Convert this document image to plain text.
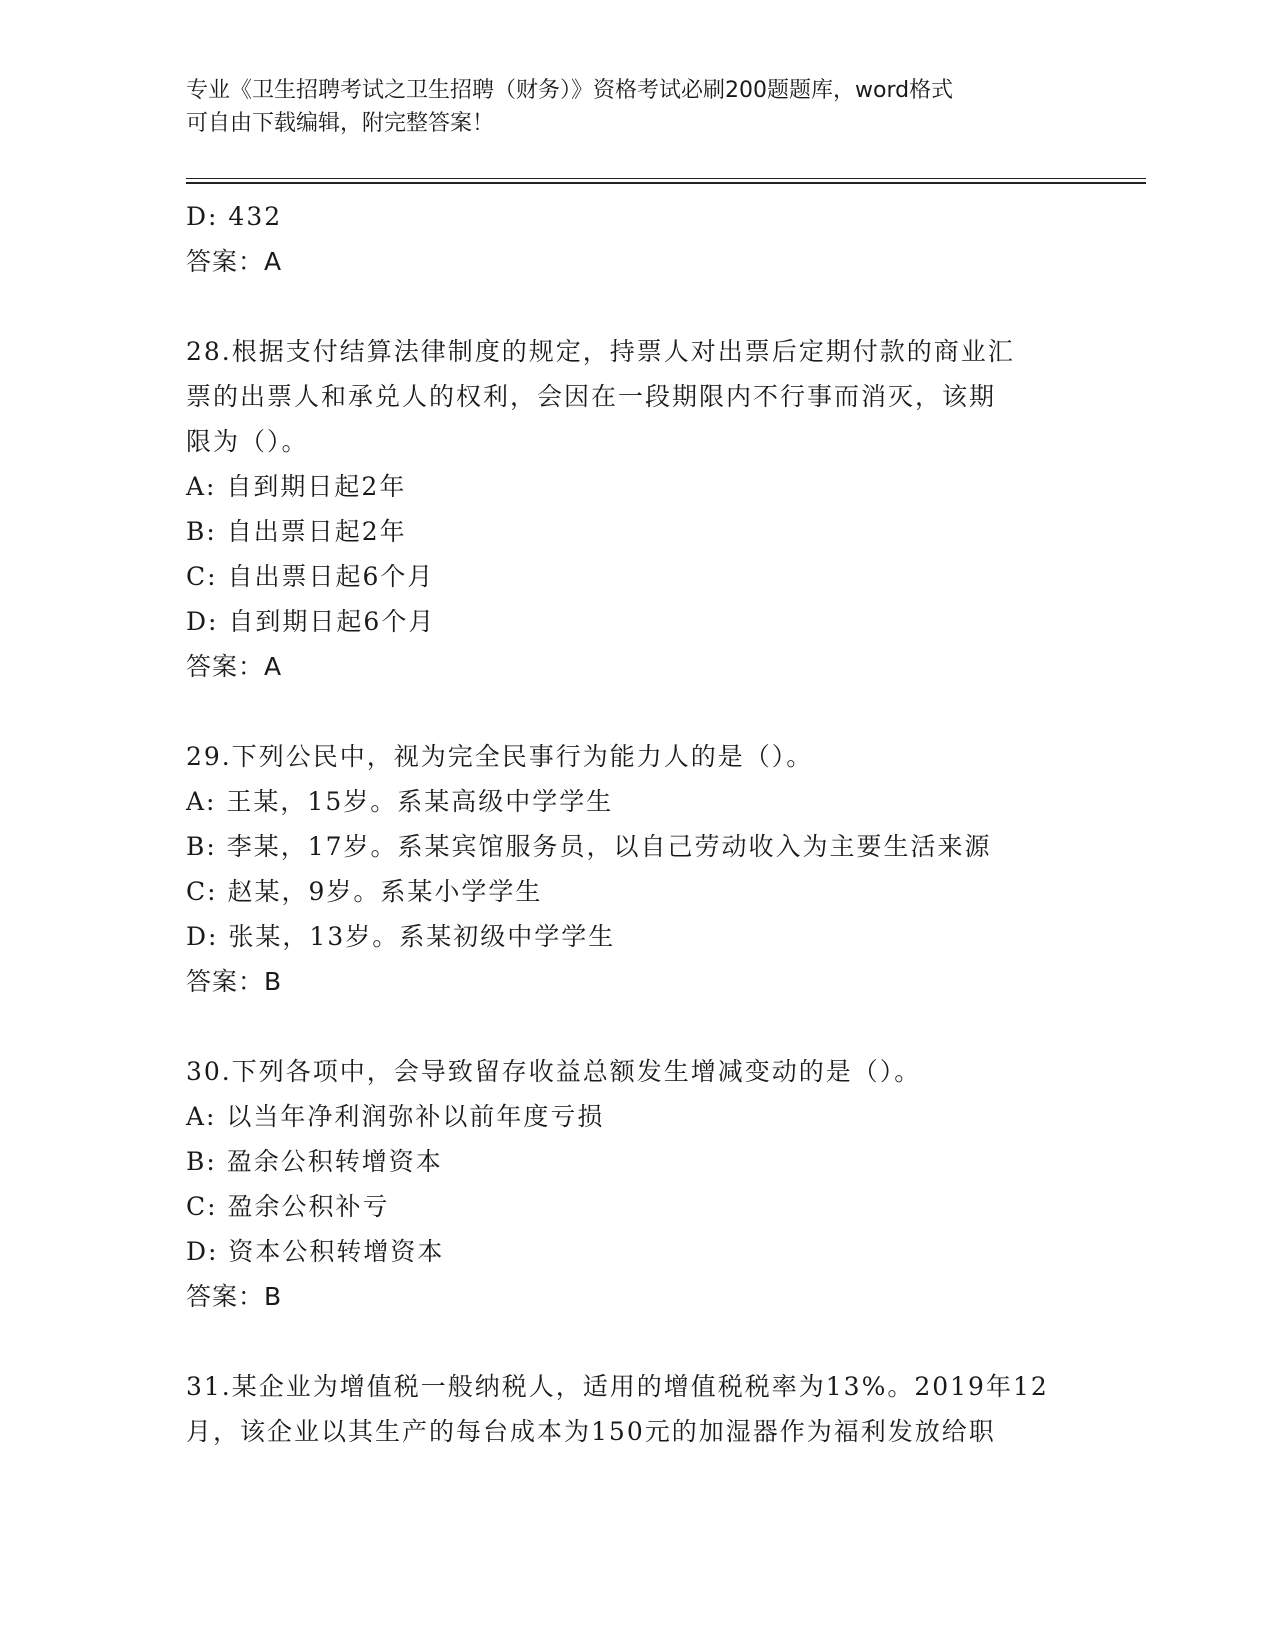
专业《卫生招聘考试之卫生招聘（财务）》资格考试必刷200题题库，word格式
可自由下载编辑，附完整答案！
D: 432
答案：A
28.根据支付结算法律制度的规定，持票人对出票后定期付款的商业汇
票的出票人和承兑人的权利，会因在一段期限内不行事而消灭，该期
限为（）。
A: 自到期日起2年
B: 自出票日起2年
C: 自出票日起6个月
D: 自到期日起6个月
答案：A
29.下列公民中，视为完全民事行为能力人的是（）。
A: 王某，15岁。系某高级中学学生
B: 李某，17岁。系某宾馆服务员，以自己劳动收入为主要生活来源
C: 赵某，9岁。系某小学学生
D: 张某，13岁。系某初级中学学生
答案：B
30.下列各项中，会导致留存收益总额发生增减变动的是（）。
A: 以当年净利润弥补以前年度亏损
B: 盈余公积转增资本
C: 盈余公积补亏
D: 资本公积转增资本
答案：B
31.某企业为增值税一般纳税人，适用的增值税税率为13%。2019年12
月，该企业以其生产的每台成本为150元的加湿器作为福利发放给职
